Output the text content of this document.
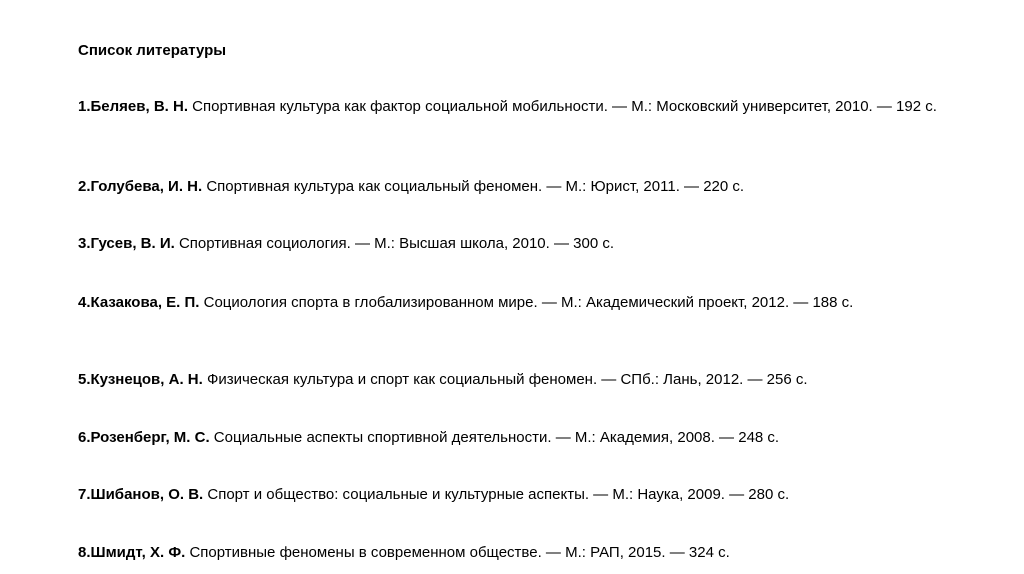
Список литературы
1.Беляев, В. Н. Спортивная культура как фактор социальной мобильности. — М.: Московский университет, 2010. — 192 с.
2.Голубева, И. Н. Спортивная культура как социальный феномен. — М.: Юрист, 2011. — 220 с.
3.Гусев, В. И. Спортивная социология. — М.: Высшая школа, 2010. — 300 с.
4.Казакова, Е. П. Социология спорта в глобализированном мире. — М.: Академический проект, 2012. — 188 с.
5.Кузнецов, А. Н. Физическая культура и спорт как социальный феномен. — СПб.: Лань, 2012. — 256 с.
6.Розенберг, М. С. Социальные аспекты спортивной деятельности. — М.: Академия, 2008. — 248 с.
7.Шибанов, О. В. Спорт и общество: социальные и культурные аспекты. — М.: Наука, 2009. — 280 с.
8.Шмидт, Х. Ф. Спортивные феномены в современном обществе. — М.: РАП, 2015. — 324 с.
